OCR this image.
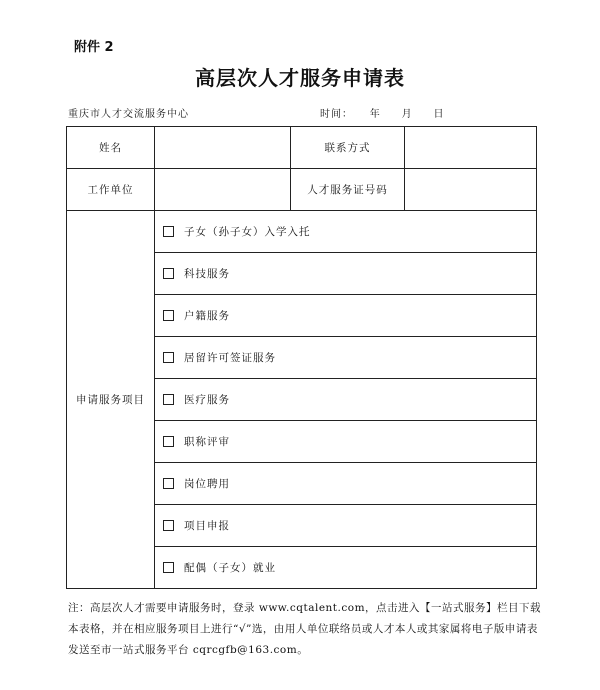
附件 2
高层次人才服务申请表
重庆市人才交流服务中心	时间： 年 月 日
姓名		联系方式	
工作单位		人才服务证号码	
申请服务项目	子女（孙子女）入学入托		
	科技服务		
	户籍服务		
	居留许可签证服务		
	医疗服务		
	职称评审		
	岗位聘用		
	项目申报		
	配偶（子女）就业		
注：高层次人才需要申请服务时，登录 www.cqtalent.com，点击进入【一站式服务】栏目下载本表格，并在相应服务项目上进行“√”选，由用人单位联络员或人才本人或其家属将电子版申请表发送至市一站式服务平台 cqrcgfb@163.com。
